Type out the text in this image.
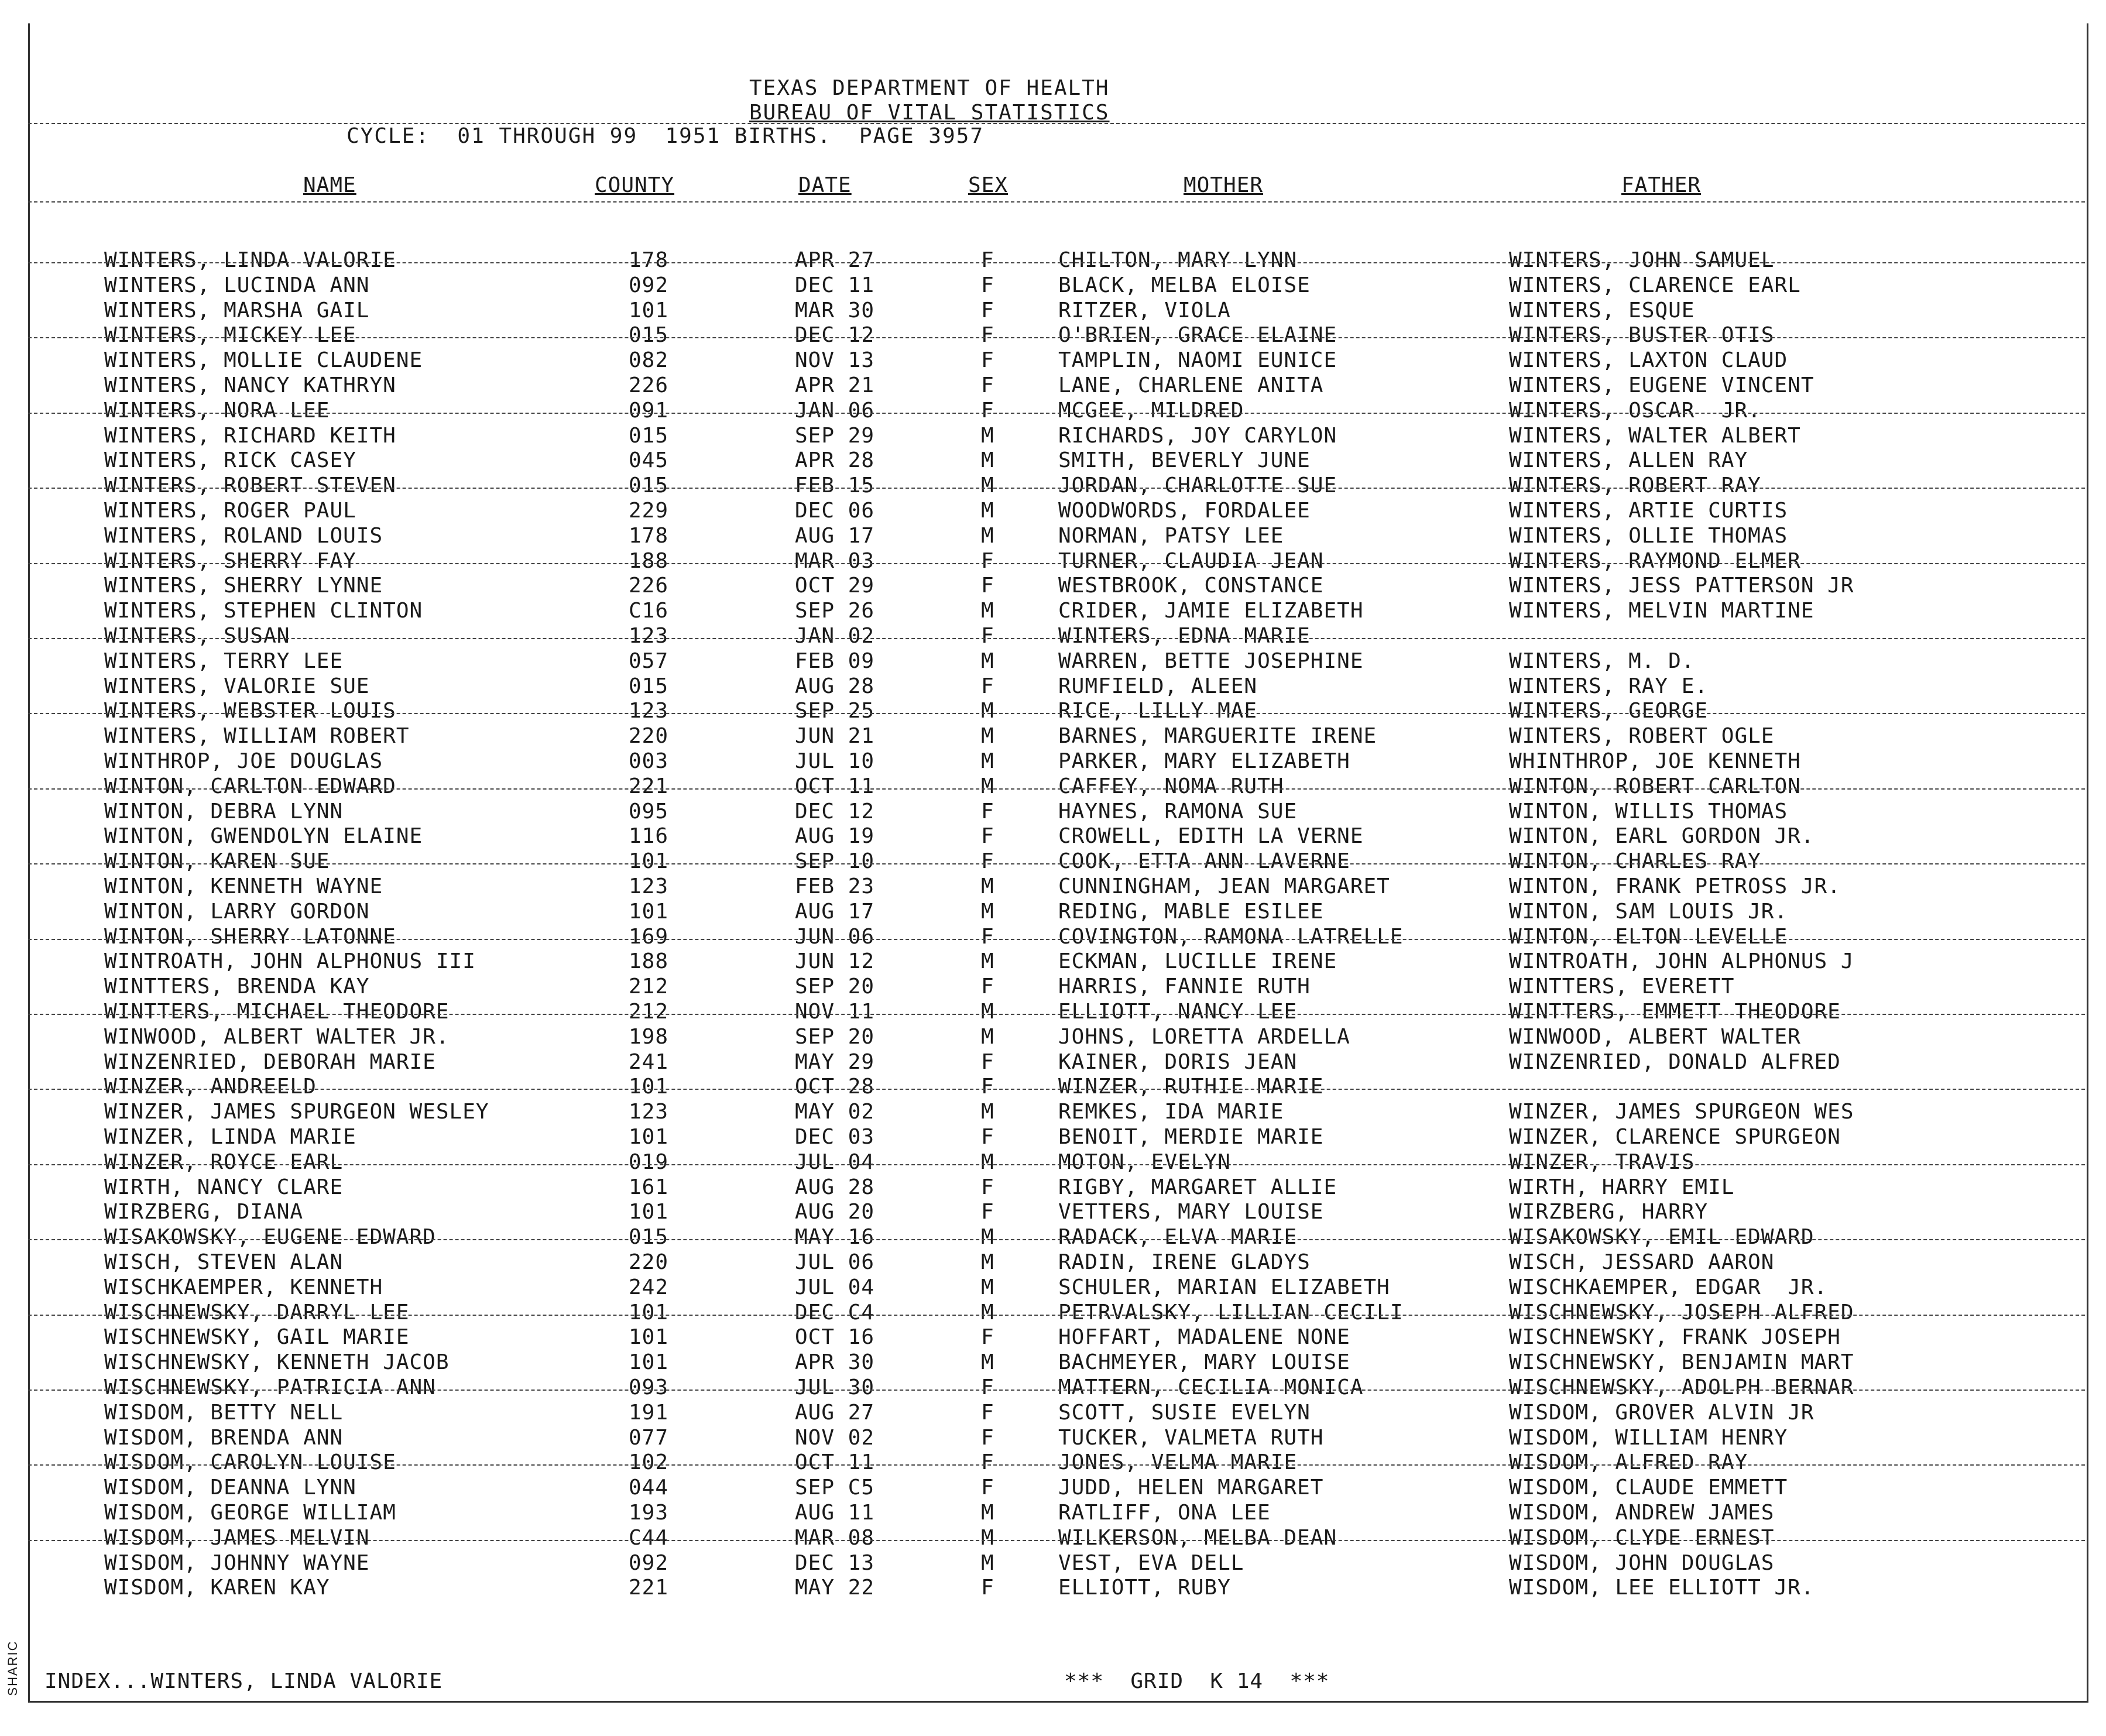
TEXAS DEPARTMENT OF HEALTH
BUREAU OF VITAL STATISTICS
CYCLE:  01 THROUGH 99  1951 BIRTHS.  PAGE 3957
NAME	COUNTY	DATE	SEX	MOTHER	FATHER
WINTERS, LINDA VALORIE	178	APR 27	F	CHILTON, MARY LYNN	WINTERS, JOHN SAMUEL
WINTERS, LUCINDA ANN	092	DEC 11	F	BLACK, MELBA ELOISE	WINTERS, CLARENCE EARL
WINTERS, MARSHA GAIL	101	MAR 30	F	RITZER, VIOLA	WINTERS, ESQUE
WINTERS, MICKEY LEE	015	DEC 12	F	O'BRIEN, GRACE ELAINE	WINTERS, BUSTER OTIS
WINTERS, MOLLIE CLAUDENE	082	NOV 13	F	TAMPLIN, NAOMI EUNICE	WINTERS, LAXTON CLAUD
WINTERS, NANCY KATHRYN	226	APR 21	F	LANE, CHARLENE ANITA	WINTERS, EUGENE VINCENT
WINTERS, NORA LEE	091	JAN 06	F	MCGEE, MILDRED	WINTERS, OSCAR  JR.
WINTERS, RICHARD KEITH	015	SEP 29	M	RICHARDS, JOY CARYLON	WINTERS, WALTER ALBERT
WINTERS, RICK CASEY	045	APR 28	M	SMITH, BEVERLY JUNE	WINTERS, ALLEN RAY
WINTERS, ROBERT STEVEN	015	FEB 15	M	JORDAN, CHARLOTTE SUE	WINTERS, ROBERT RAY
WINTERS, ROGER PAUL	229	DEC 06	M	WOODWORDS, FORDALEE	WINTERS, ARTIE CURTIS
WINTERS, ROLAND LOUIS	178	AUG 17	M	NORMAN, PATSY LEE	WINTERS, OLLIE THOMAS
WINTERS, SHERRY FAY	188	MAR 03	F	TURNER, CLAUDIA JEAN	WINTERS, RAYMOND ELMER
WINTERS, SHERRY LYNNE	226	OCT 29	F	WESTBROOK, CONSTANCE	WINTERS, JESS PATTERSON JR
WINTERS, STEPHEN CLINTON	C16	SEP 26	M	CRIDER, JAMIE ELIZABETH	WINTERS, MELVIN MARTINE
WINTERS, SUSAN	123	JAN 02	F	WINTERS, EDNA MARIE
WINTERS, TERRY LEE	057	FEB 09	M	WARREN, BETTE JOSEPHINE	WINTERS, M. D.
WINTERS, VALORIE SUE	015	AUG 28	F	RUMFIELD, ALEEN	WINTERS, RAY E.
WINTERS, WEBSTER LOUIS	123	SEP 25	M	RICE, LILLY MAE	WINTERS, GEORGE
WINTERS, WILLIAM ROBERT	220	JUN 21	M	BARNES, MARGUERITE IRENE	WINTERS, ROBERT OGLE
WINTHROP, JOE DOUGLAS	003	JUL 10	M	PARKER, MARY ELIZABETH	WHINTHROP, JOE KENNETH
WINTON, CARLTON EDWARD	221	OCT 11	M	CAFFEY, NOMA RUTH	WINTON, ROBERT CARLTON
WINTON, DEBRA LYNN	095	DEC 12	F	HAYNES, RAMONA SUE	WINTON, WILLIS THOMAS
WINTON, GWENDOLYN ELAINE	116	AUG 19	F	CROWELL, EDITH LA VERNE	WINTON, EARL GORDON JR.
WINTON, KAREN SUE	101	SEP 10	F	COOK, ETTA ANN LAVERNE	WINTON, CHARLES RAY
WINTON, KENNETH WAYNE	123	FEB 23	M	CUNNINGHAM, JEAN MARGARET	WINTON, FRANK PETROSS JR.
WINTON, LARRY GORDON	101	AUG 17	M	REDING, MABLE ESILEE	WINTON, SAM LOUIS JR.
WINTON, SHERRY LATONNE	169	JUN 06	F	COVINGTON, RAMONA LATRELLE	WINTON, ELTON LEVELLE
WINTROATH, JOHN ALPHONUS III	188	JUN 12	M	ECKMAN, LUCILLE IRENE	WINTROATH, JOHN ALPHONUS J
WINTTERS, BRENDA KAY	212	SEP 20	F	HARRIS, FANNIE RUTH	WINTTERS, EVERETT
WINTTERS, MICHAEL THEODORE	212	NOV 11	M	ELLIOTT, NANCY LEE	WINTTERS, EMMETT THEODORE
WINWOOD, ALBERT WALTER JR.	198	SEP 20	M	JOHNS, LORETTA ARDELLA	WINWOOD, ALBERT WALTER
WINZENRIED, DEBORAH MARIE	241	MAY 29	F	KAINER, DORIS JEAN	WINZENRIED, DONALD ALFRED
WINZER, ANDREELD	101	OCT 28	F	WINZER, RUTHIE MARIE
WINZER, JAMES SPURGEON WESLEY	123	MAY 02	M	REMKES, IDA MARIE	WINZER, JAMES SPURGEON WES
WINZER, LINDA MARIE	101	DEC 03	F	BENOIT, MERDIE MARIE	WINZER, CLARENCE SPURGEON
WINZER, ROYCE EARL	019	JUL 04	M	MOTON, EVELYN	WINZER, TRAVIS
WIRTH, NANCY CLARE	161	AUG 28	F	RIGBY, MARGARET ALLIE	WIRTH, HARRY EMIL
WIRZBERG, DIANA	101	AUG 20	F	VETTERS, MARY LOUISE	WIRZBERG, HARRY
WISAKOWSKY, EUGENE EDWARD	015	MAY 16	M	RADACK, ELVA MARIE	WISAKOWSKY, EMIL EDWARD
WISCH, STEVEN ALAN	220	JUL 06	M	RADIN, IRENE GLADYS	WISCH, JESSARD AARON
WISCHKAEMPER, KENNETH	242	JUL 04	M	SCHULER, MARIAN ELIZABETH	WISCHKAEMPER, EDGAR  JR.
WISCHNEWSKY, DARRYL LEE	101	DEC C4	M	PETRVALSKY, LILLIAN CECILI	WISCHNEWSKY, JOSEPH ALFRED
WISCHNEWSKY, GAIL MARIE	101	OCT 16	F	HOFFART, MADALENE NONE	WISCHNEWSKY, FRANK JOSEPH
WISCHNEWSKY, KENNETH JACOB	101	APR 30	M	BACHMEYER, MARY LOUISE	WISCHNEWSKY, BENJAMIN MART
WISCHNEWSKY, PATRICIA ANN	093	JUL 30	F	MATTERN, CECILIA MONICA	WISCHNEWSKY, ADOLPH BERNAR
WISDOM, BETTY NELL	191	AUG 27	F	SCOTT, SUSIE EVELYN	WISDOM, GROVER ALVIN JR
WISDOM, BRENDA ANN	077	NOV 02	F	TUCKER, VALMETA RUTH	WISDOM, WILLIAM HENRY
WISDOM, CAROLYN LOUISE	102	OCT 11	F	JONES, VELMA MARIE	WISDOM, ALFRED RAY
WISDOM, DEANNA LYNN	044	SEP C5	F	JUDD, HELEN MARGARET	WISDOM, CLAUDE EMMETT
WISDOM, GEORGE WILLIAM	193	AUG 11	M	RATLIFF, ONA LEE	WISDOM, ANDREW JAMES
WISDOM, JAMES MELVIN	C44	MAR 08	M	WILKERSON, MELBA DEAN	WISDOM, CLYDE ERNEST
WISDOM, JOHNNY WAYNE	092	DEC 13	M	VEST, EVA DELL	WISDOM, JOHN DOUGLAS
WISDOM, KAREN KAY	221	MAY 22	F	ELLIOTT, RUBY	WISDOM, LEE ELLIOTT JR.
SHARIC INDEX...WINTERS, LINDA VALORIE	***  GRID  K 14  ***
